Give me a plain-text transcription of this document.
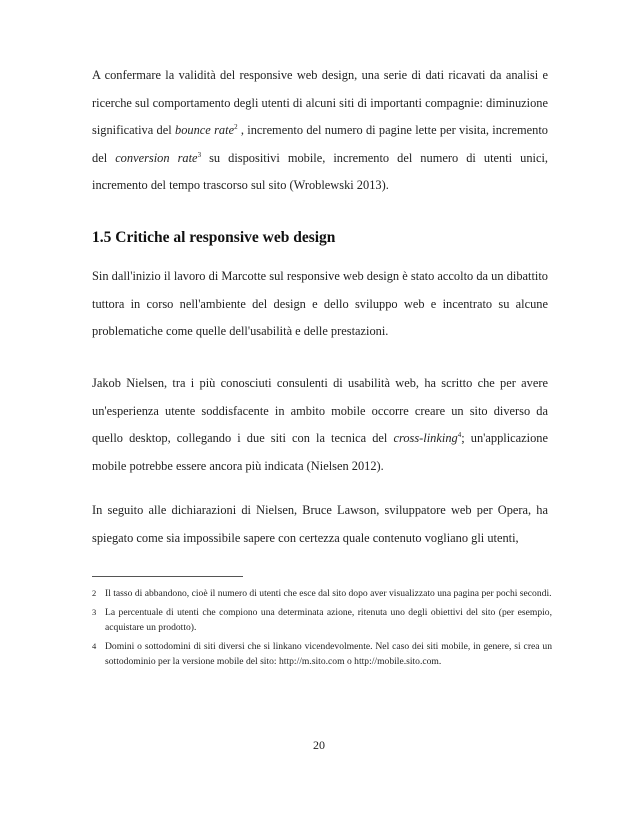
A confermare la validità del responsive web design, una serie di dati ricavati da analisi e ricerche sul comportamento degli utenti di alcuni siti di importanti compagnie: diminuzione significativa del bounce rate$^2$ , incremento del numero di pagine lette per visita, incremento del conversion rate$^3$ su dispositivi mobile, incremento del numero di utenti unici, incremento del tempo trascorso sul sito (Wroblewski 2013).

1.5 Critiche al responsive web design

Sin dall'inizio il lavoro di Marcotte sul responsive web design è stato accolto da un dibattito tuttora in corso nell'ambiente del design e dello sviluppo web e incentrato su alcune problematiche come quelle dell'usabilità e delle prestazioni.

Jakob Nielsen, tra i più conosciuti consulenti di usabilità web, ha scritto che per avere un'esperienza utente soddisfacente in ambito mobile occorre creare un sito diverso da quello desktop, collegando i due siti con la tecnica del cross-linking$^4$; un'applicazione mobile potrebbe essere ancora più indicata (Nielsen 2012).

In seguito alle dichiarazioni di Nielsen, Bruce Lawson, sviluppatore web per Opera, ha spiegato come sia impossibile sapere con certezza quale contenuto vogliano gli utenti,

2 Il tasso di abbandono, cioè il numero di utenti che esce dal sito dopo aver visualizzato una pagina per pochi secondi.
3 La percentuale di utenti che compiono una determinata azione, ritenuta uno degli obiettivi del sito (per esempio, acquistare un prodotto).
4 Domini o sottodomini di siti diversi che si linkano vicendevolmente. Nel caso dei siti mobile, in genere, si crea un sottodominio per la versione mobile del sito: http://m.sito.com o http://mobile.sito.com.
20
